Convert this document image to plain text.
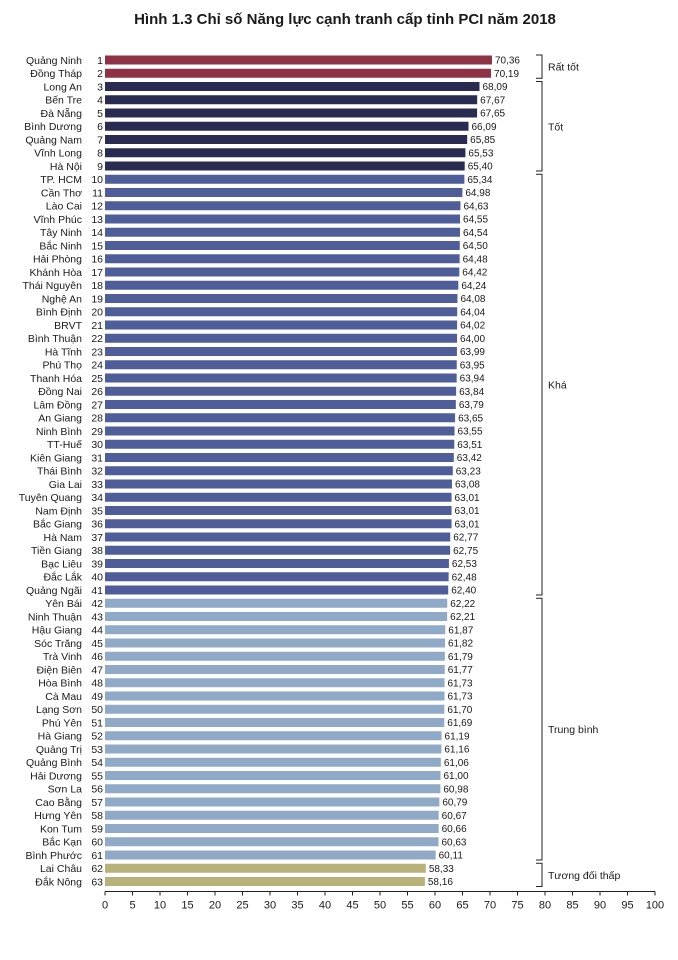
Hình 1.3 Chỉ số Năng lực cạnh tranh cấp tỉnh PCI năm 2018
Quảng Ninh 1	70,36
Đồng Tháp 2	70,19
Long An 3	68,09
Bến Tre 4	67,67
Đà Nẵng 5	67,65
Bình Dương 6	66,09
Quảng Nam 7	65,85
Vĩnh Long 8	65,53
Hà Nội 9	65,40
TP. HCM 10	65,34
Cần Thơ 11	64,98
Lào Cai 12	64,63
Vĩnh Phúc 13	64,55
Tây Ninh 14	64,54
Bắc Ninh 15	64,50
Hải Phòng 16	64,48
Khánh Hòa 17	64,42
Thái Nguyên 18	64,24
Nghệ An 19	64,08
Bình Định 20	64,04
BRVT 21	64,02
Bình Thuận 22	64,00
Hà Tĩnh 23	63,99
Phú Thọ 24	63,95
Thanh Hóa 25	63,94
Đồng Nai 26	63,84
Lâm Đồng 27	63,79
An Giang 28	63,65
Ninh Bình 29	63,55
TT-Huế 30	63,51
Kiên Giang 31	63,42
Thái Bình 32	63,23
Gia Lai 33	63,08
Tuyên Quang 34	63,01
Nam Định 35	63,01
Bắc Giang 36	63,01
Hà Nam 37	62,77
Tiền Giang 38	62,75
Bạc Liêu 39	62,53
Đắc Lắk 40	62,48
Quảng Ngãi 41	62,40
Yên Bái 42	62,22
Ninh Thuận 43	62,21
Hậu Giang 44	61,87
Sóc Trăng 45	61,82
Trà Vinh 46	61,79
Điện Biên 47	61,77
Hòa Bình 48	61,73
Cà Mau 49	61,73
Lạng Sơn 50	61,70
Phú Yên 51	61,69
Hà Giang 52	61,19
Quảng Trị 53	61,16
Quảng Bình 54	61,06
Hải Dương 55	61,00
Sơn La 56	60,98
Cao Bằng 57	60,79
Hưng Yên 58	60,67
Kon Tum 59	60,66
Bắc Kạn 60	60,63
Bình Phước 61	60,11
Lai Châu 62	58,33
Đắk Nông 63	58,16
Rất tốt
Tốt
Khá
Trung bình
Tương đối thấp
0 5 10 15 20 25 30 35 40 45 50 55 60 65 70 75 80 85 90 95 100
